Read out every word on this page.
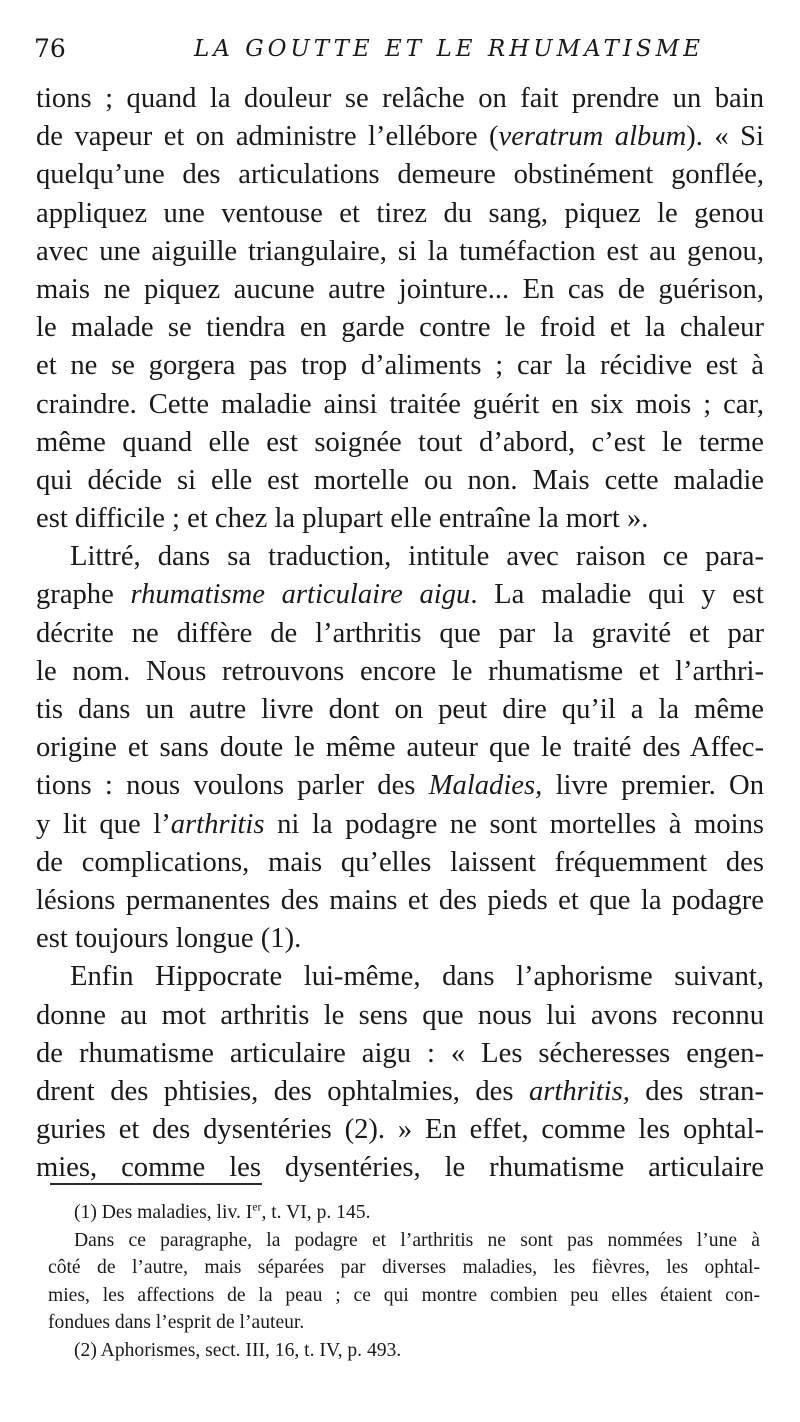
76	LA GOUTTE ET LE RHUMATISME
tions ; quand la douleur se relâche on fait prendre un bain
de vapeur et on administre l’ellébore (veratrum album). « Si
quelqu’une des articulations demeure obstinément gonflée,
appliquez une ventouse et tirez du sang, piquez le genou
avec une aiguille triangulaire, si la tuméfaction est au genou,
mais ne piquez aucune autre jointure... En cas de guérison,
le malade se tiendra en garde contre le froid et la chaleur
et ne se gorgera pas trop d’aliments ; car la récidive est à
craindre. Cette maladie ainsi traitée guérit en six mois ; car,
même quand elle est soignée tout d’abord, c’est le terme
qui décide si elle est mortelle ou non. Mais cette maladie
est difficile ; et chez la plupart elle entraîne la mort ».
Littré, dans sa traduction, intitule avec raison ce para-
graphe rhumatisme articulaire aigu. La maladie qui y est
décrite ne diffère de l’arthritis que par la gravité et par
le nom. Nous retrouvons encore le rhumatisme et l’arthri-
tis dans un autre livre dont on peut dire qu’il a la même
origine et sans doute le même auteur que le traité des Affec-
tions : nous voulons parler des Maladies, livre premier. On
y lit que l’arthritis ni la podagre ne sont mortelles à moins
de complications, mais qu’elles laissent fréquemment des
lésions permanentes des mains et des pieds et que la podagre
est toujours longue (1).
Enfin Hippocrate lui-même, dans l’aphorisme suivant,
donne au mot arthritis le sens que nous lui avons reconnu
de rhumatisme articulaire aigu : « Les sécheresses engen-
drent des phtisies, des ophtalmies, des arthritis, des stran-
guries et des dysentéries (2). » En effet, comme les ophtal-
mies, comme les dysentéries, le rhumatisme articulaire
(1) Des maladies, liv. Ier, t. VI, p. 145.
Dans ce paragraphe, la podagre et l’arthritis ne sont pas nommées l’une à
côté de l’autre, mais séparées par diverses maladies, les fièvres, les ophtal-
mies, les affections de la peau ; ce qui montre combien peu elles étaient con-
fondues dans l’esprit de l’auteur.
(2) Aphorismes, sect. III, 16, t. IV, p. 493.
